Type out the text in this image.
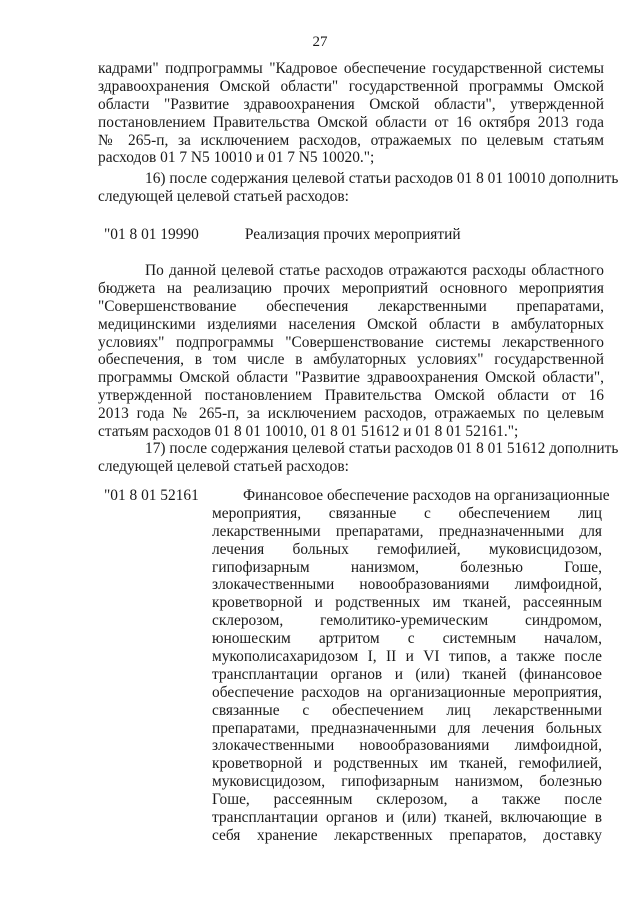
27
кадрами" подпрограммы "Кадровое обеспечение государственной системы
здравоохранения Омской области" государственной программы Омской
области "Развитие здравоохранения Омской области", утвержденной
постановлением Правительства Омской области от 16 октября 2013 года
№ 265-п, за исключением расходов, отражаемых по целевым статьям
расходов 01 7 N5 10010 и 01 7 N5 10020.";
16) после содержания целевой статьи расходов 01 8 01 10010 дополнить
следующей целевой статьей расходов:
"01 8 01 19990	Реализация прочих мероприятий
По данной целевой статье расходов отражаются расходы областного
бюджета на реализацию прочих мероприятий основного мероприятия
"Совершенствование обеспечения лекарственными препаратами,
медицинскими изделиями населения Омской области в амбулаторных
условиях" подпрограммы "Совершенствование системы лекарственного
обеспечения, в том числе в амбулаторных условиях" государственной
программы Омской области "Развитие здравоохранения Омской области",
утвержденной постановлением Правительства Омской области от 16
2013 года № 265-п, за исключением расходов, отражаемых по целевым
статьям расходов 01 8 01 10010, 01 8 01 51612 и 01 8 01 52161.";
17) после содержания целевой статьи расходов 01 8 01 51612 дополнить
следующей целевой статьей расходов:
"01 8 01 52161	Финансовое обеспечение расходов на организационные
мероприятия, связанные с обеспечением лиц
лекарственными препаратами, предназначенными для
лечения больных гемофилией, муковисцидозом,
гипофизарным нанизмом, болезнью Гоше,
злокачественными новообразованиями лимфоидной,
кроветворной и родственных им тканей, рассеянным
склерозом, гемолитико-уремическим синдромом,
юношеским артритом с системным началом,
мукополисахаридозом I, II и VI типов, а также после
трансплантации органов и (или) тканей (финансовое
обеспечение расходов на организационные мероприятия,
связанные с обеспечением лиц лекарственными
препаратами, предназначенными для лечения больных
злокачественными новообразованиями лимфоидной,
кроветворной и родственных им тканей, гемофилией,
муковисцидозом, гипофизарным нанизмом, болезнью
Гоше, рассеянным склерозом, а также после
трансплантации органов и (или) тканей, включающие в
себя хранение лекарственных препаратов, доставку
